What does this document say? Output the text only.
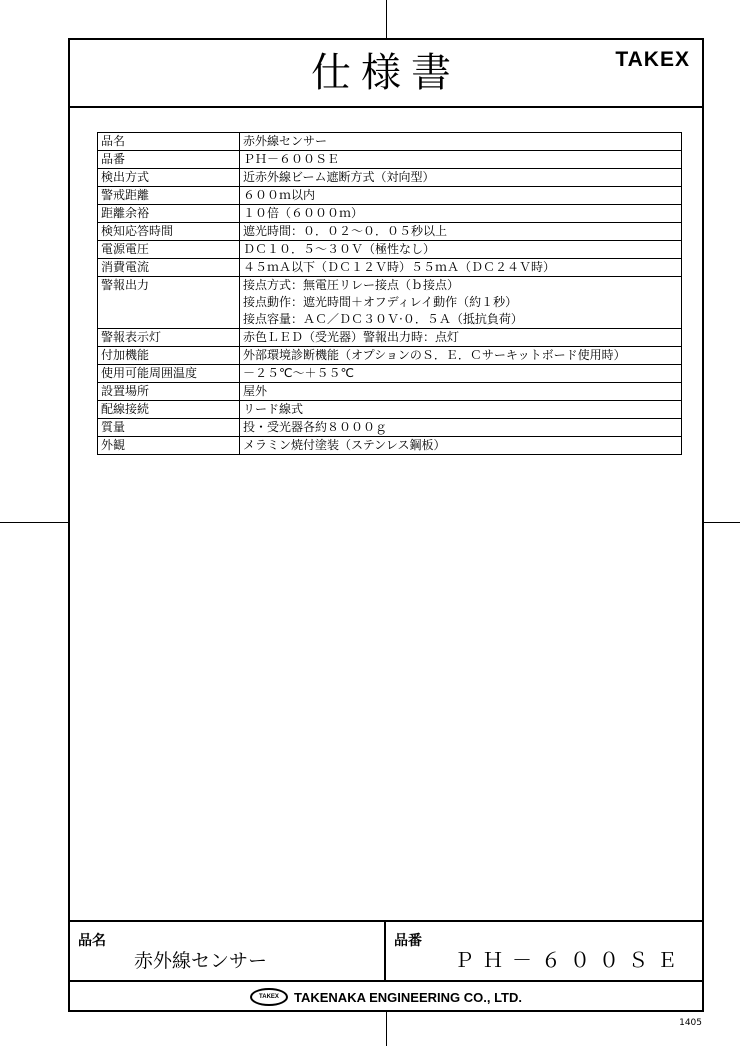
仕様書	TAKEX
品名	赤外線センサー

品番	ＰＨ－６００ＳＥ

検出方式	近赤外線ビーム遮断方式（対向型）

警戒距離	６００ｍ以内

距離余裕	１０倍（６０００ｍ）

検知応答時間	遮光時間：０．０２～０．０５秒以上

電源電圧	ＤＣ１０．５～３０Ｖ（極性なし）

消費電流	４５ｍＡ以下（ＤＣ１２Ｖ時）５５ｍＡ（ＤＣ２４Ｖ時）

警報出力	接点方式：無電圧リレー接点（ｂ接点）
接点動作：遮光時間＋オフディレイ動作（約１秒）
接点容量：ＡＣ／ＤＣ３０Ｖ·０．５Ａ（抵抗負荷）

警報表示灯	赤色ＬＥＤ（受光器）警報出力時：点灯

付加機能	外部環境診断機能（オプションのＳ．Ｅ．Ｃサーキットボード使用時）

使用可能周囲温度	－２５℃～＋５５℃

設置場所	屋外

配線接続	リード線式

質量	投・受光器各約８０００ｇ

外観	メラミン焼付塗装（ステンレス鋼板）
品名
赤外線センサー
品番
ＰＨ－６００ＳＥ
TAKEX	TAKENAKA ENGINEERING CO., LTD.
1405
